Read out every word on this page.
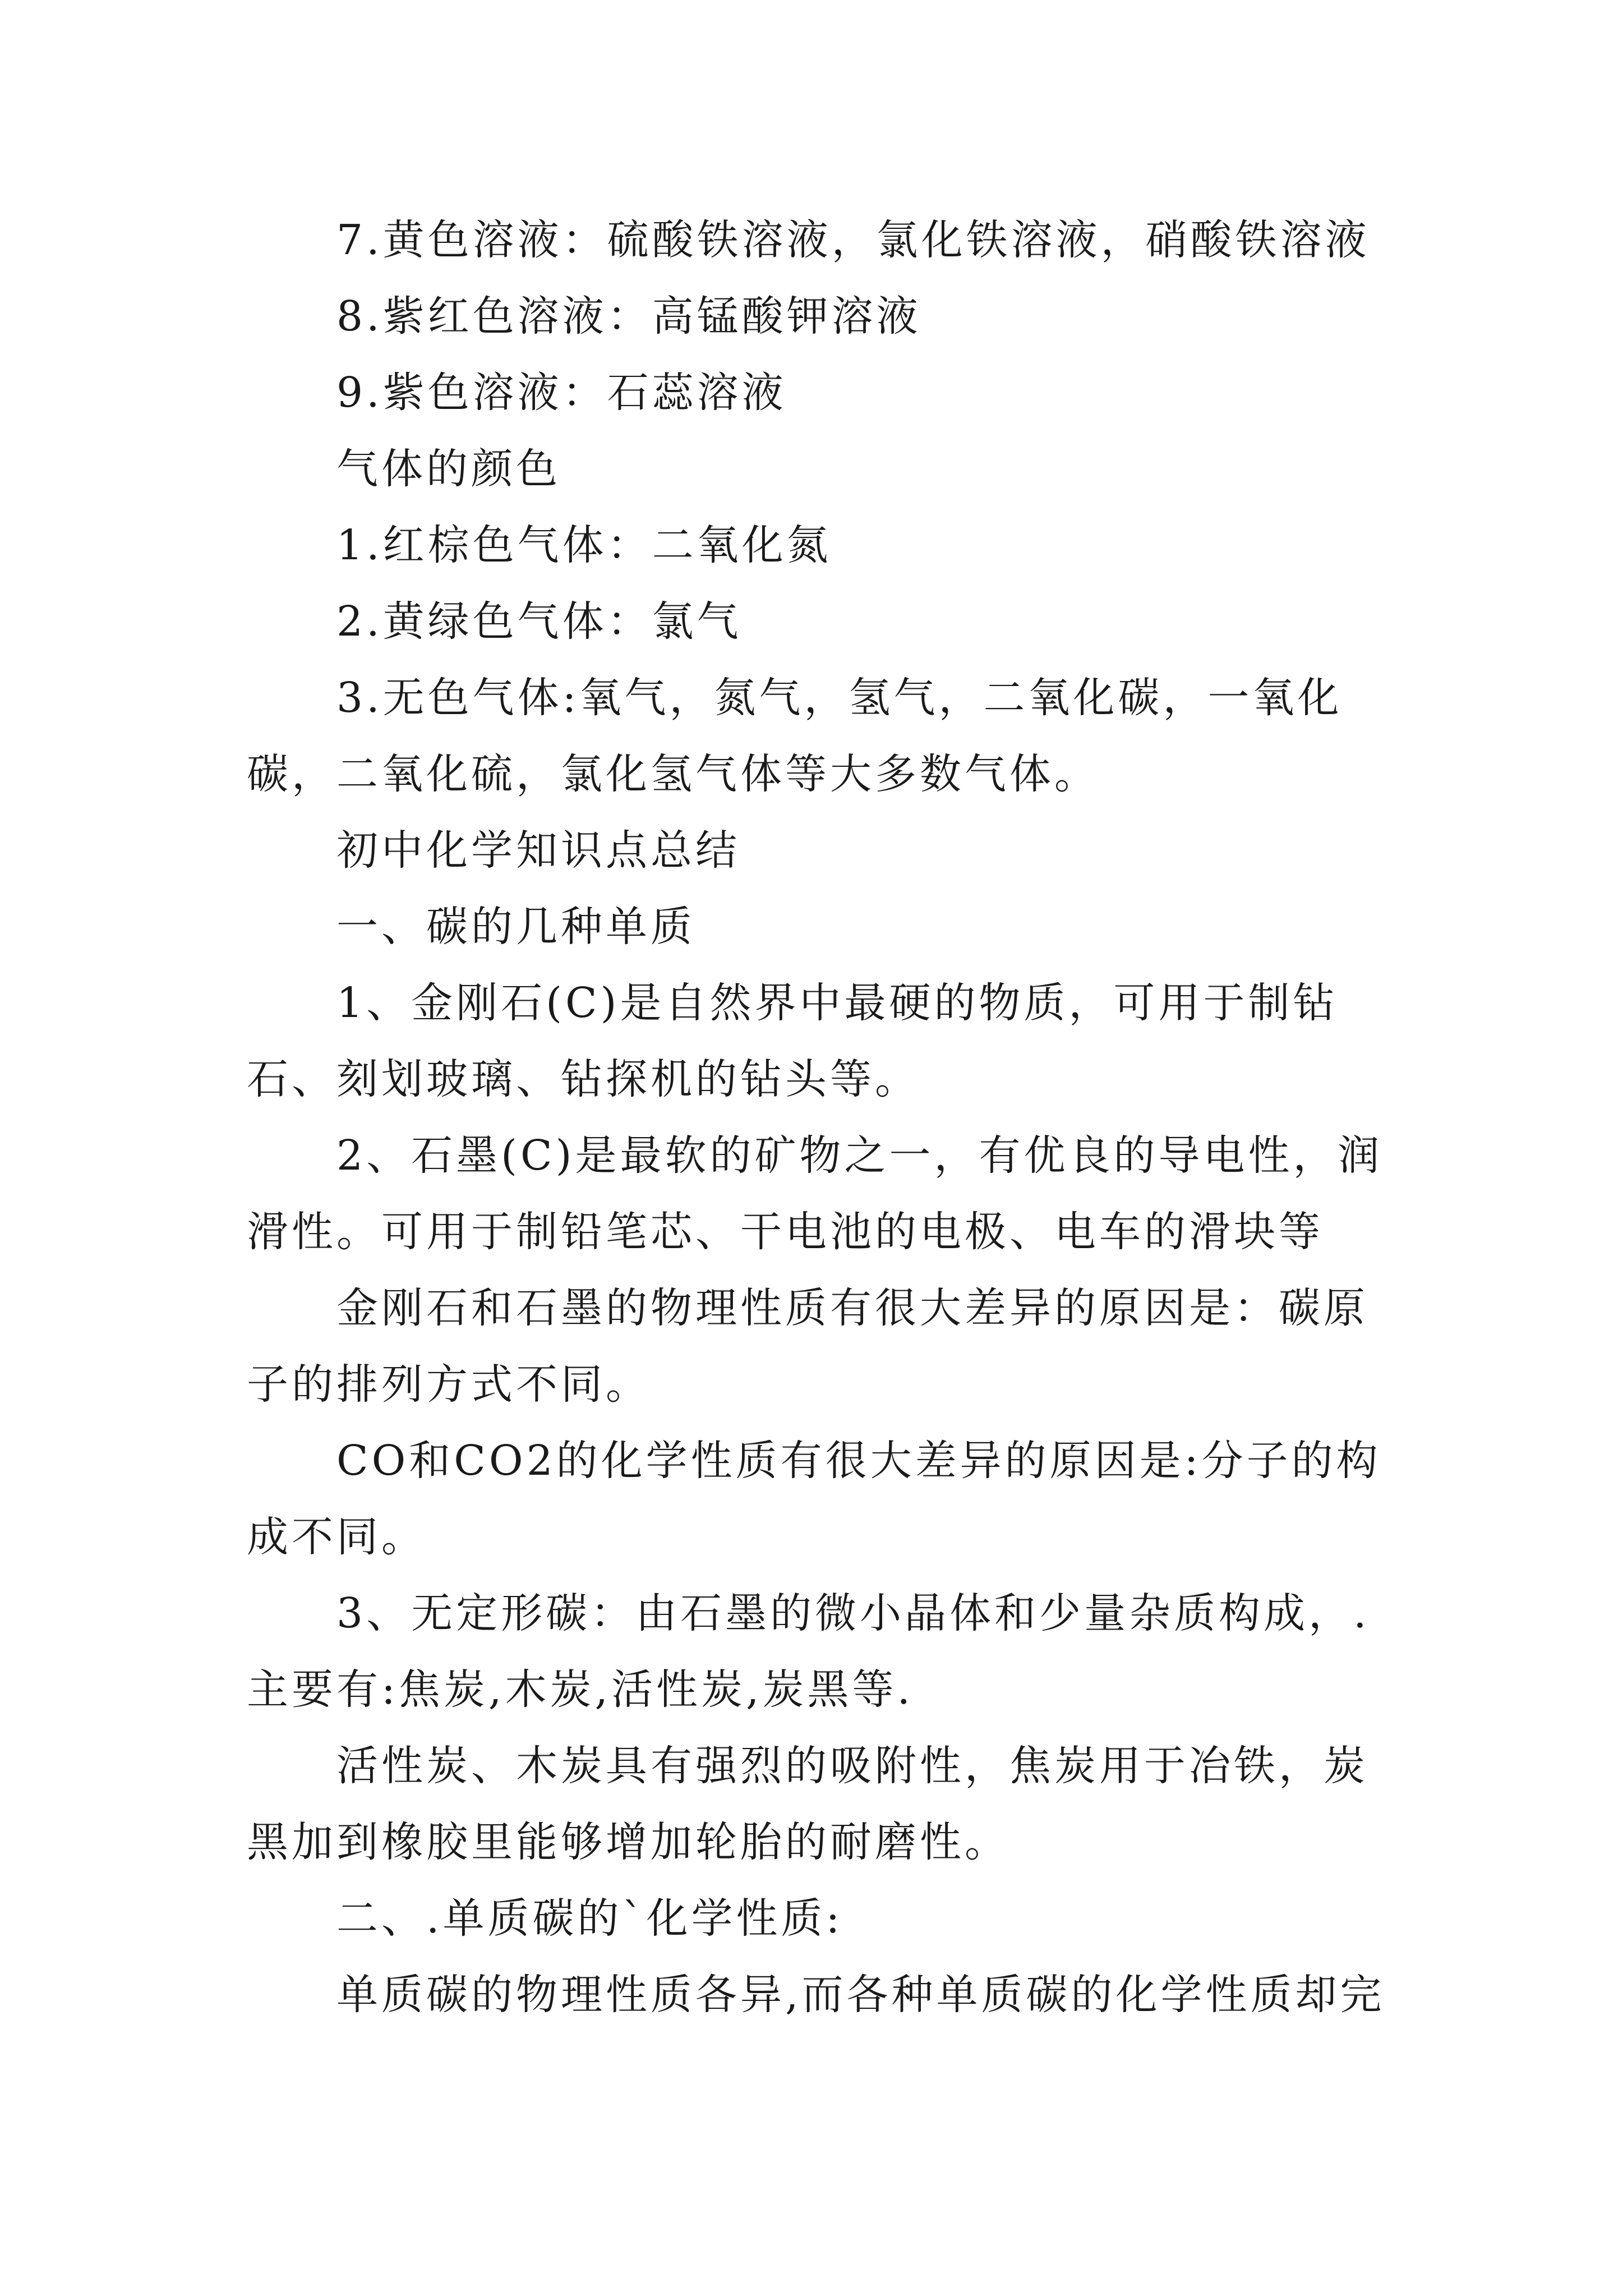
7.黄色溶液：硫酸铁溶液，氯化铁溶液，硝酸铁溶液

8.紫红色溶液：高锰酸钾溶液

9.紫色溶液：石蕊溶液

气体的颜色

1.红棕色气体：二氧化氮

2.黄绿色气体：氯气

3.无色气体:氧气，氮气，氢气，二氧化碳，一氧化碳，二氧化硫，氯化氢气体等大多数气体。

初中化学知识点总结

一、碳的几种单质

1、金刚石(C)是自然界中最硬的物质，可用于制钻石、刻划玻璃、钻探机的钻头等。

2、石墨(C)是最软的矿物之一，有优良的导电性，润滑性。可用于制铅笔芯、干电池的电极、电车的滑块等

金刚石和石墨的物理性质有很大差异的原因是：碳原子的排列方式不同。

CO和CO2的化学性质有很大差异的原因是:分子的构成不同。

3、无定形碳：由石墨的微小晶体和少量杂质构成，.主要有:焦炭,木炭,活性炭,炭黑等.

活性炭、木炭具有强烈的吸附性，焦炭用于冶铁，炭黑加到橡胶里能够增加轮胎的耐磨性。

二、.单质碳的`化学性质:

单质碳的物理性质各异,而各种单质碳的化学性质却完
